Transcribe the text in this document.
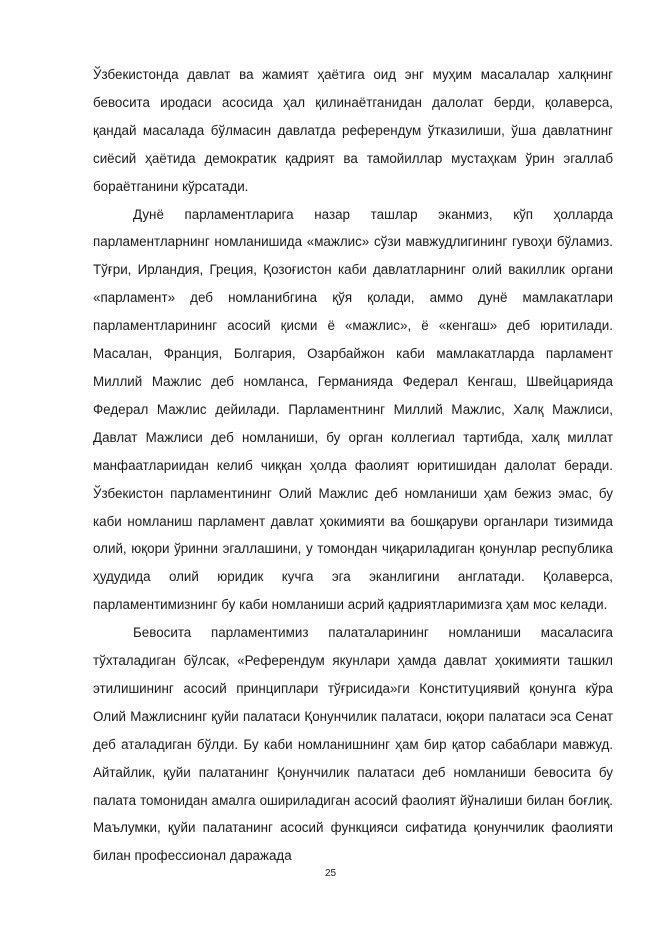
Ўзбекистонда давлат ва жамият ҳаётига оид энг муҳим масалалар халқнинг бевосита иродаси асосида ҳал қилинаётганидан далолат берди, қолаверса, қандай масалада бўлмасин давлатда референдум ўтказилиши, ўша давлатнинг сиёсий ҳаётида демократик қадрият ва тамойиллар мустаҳкам ўрин эгаллаб бораётганини кўрсатади.

Дунё парламентларига назар ташлар эканмиз, кўп ҳолларда парламентларнинг номланишида «мажлис» сўзи мавжудлигининг гувоҳи бўламиз. Тўғри, Ирландия, Греция, Қозоғистон каби давлатларнинг олий вакиллик органи «парламент» деб номланибгина қўя қолади, аммо дунё мамлакатлари парламентларининг асосий қисми ё «мажлис», ё «кенгаш» деб юритилади. Масалан, Франция, Болгария, Озарбайжон каби мамлакатларда парламент Миллий Мажлис деб номланса, Германияда Федерал Кенгаш, Швейцарияда Федерал Мажлис дейилади. Парламентнинг Миллий Мажлис, Халқ Мажлиси, Давлат Мажлиси деб номланиши, бу орган коллегиал тартибда, халқ миллат манфаатлариидан келиб чиққан ҳолда фаолият юритишидан далолат беради. Ўзбекистон парламентининг Олий Мажлис деб номланиши ҳам бежиз эмас, бу каби номланиш парламент давлат ҳокимияти ва бошқаруви органлари тизимида олий, юқори ўринни эгаллашини, у томондан чиқариладиган қонунлар республика ҳудудида олий юридик кучга эга эканлигини англатади. Қолаверса, парламентимизнинг бу каби номланиши асрий қадриятларимизга ҳам мос келади.

Бевосита парламентимиз палаталарининг номланиши масаласига тўхталадиган бўлсак, «Референдум якунлари ҳамда давлат ҳокимияти ташкил этилишининг асосий принциплари тўғрисида»ги Конституциявий қонунга кўра Олий Мажлиснинг қуйи палатаси Қонунчилик палатаси, юқори палатаси эса Сенат деб аталадиган бўлди. Бу каби номланишнинг ҳам бир қатор сабаблари мавжуд. Айтайлик, қуйи палатанинг Қонунчилик палатаси деб номланиши бевосита бу палата томонидан амалга ошириладиган асосий фаолият йўналиши билан боғлиқ. Маълумки, қуйи палатанинг асосий функцияси сифатида қонунчилик фаолияти билан профессионал даражада

25
